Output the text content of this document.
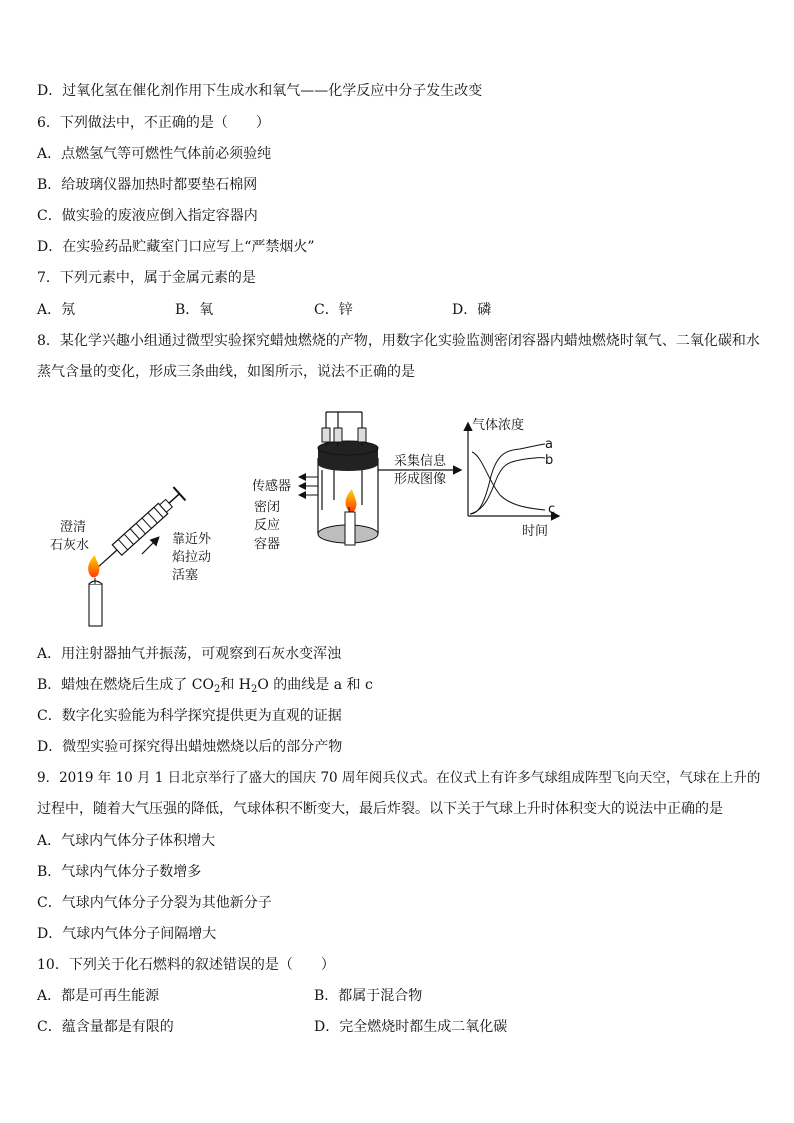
D．过氧化氢在催化剂作用下生成水和氧气——化学反应中分子发生改变
6．下列做法中，不正确的是（　　）
A．点燃氢气等可燃性气体前必须验纯
B．给玻璃仪器加热时都要垫石棉网
C．做实验的废液应倒入指定容器内
D．在实验药品贮藏室门口应写上“严禁烟火”
7．下列元素中，属于金属元素的是
A．氖	B．氧	C．锌	D．磷
8．某化学兴趣小组通过微型实验探究蜡烛燃烧的产物，用数字化实验监测密闭容器内蜡烛燃烧时氧气、二氧化碳和水
蒸气含量的变化，形成三条曲线，如图所示，说法不正确的是
澄清
石灰水	靠近外
焰拉动
活塞
传感器
密闭
反应
容器
采集信息
形成图像
气体浓度
时间
a
b
c
A．用注射器抽气并振荡，可观察到石灰水变浑浊
B．蜡烛在燃烧后生成了 $CO_2$和 $H_2O$ 的曲线是 a 和 c
C．数字化实验能为科学探究提供更为直观的证据
D．微型实验可探究得出蜡烛燃烧以后的部分产物
9．2019 年 10 月 1 日北京举行了盛大的国庆 70 周年阅兵仪式。在仪式上有许多气球组成阵型飞向天空，气球在上升的
过程中，随着大气压强的降低，气球体积不断变大，最后炸裂。以下关于气球上升时体积变大的说法中正确的是
A．气球内气体分子体积增大
B．气球内气体分子数增多
C．气球内气体分子分裂为其他新分子
D．气球内气体分子间隔增大
10．下列关于化石燃料的叙述错误的是（　　）
A．都是可再生能源	B．都属于混合物
C．蕴含量都是有限的	D．完全燃烧时都生成二氧化碳
